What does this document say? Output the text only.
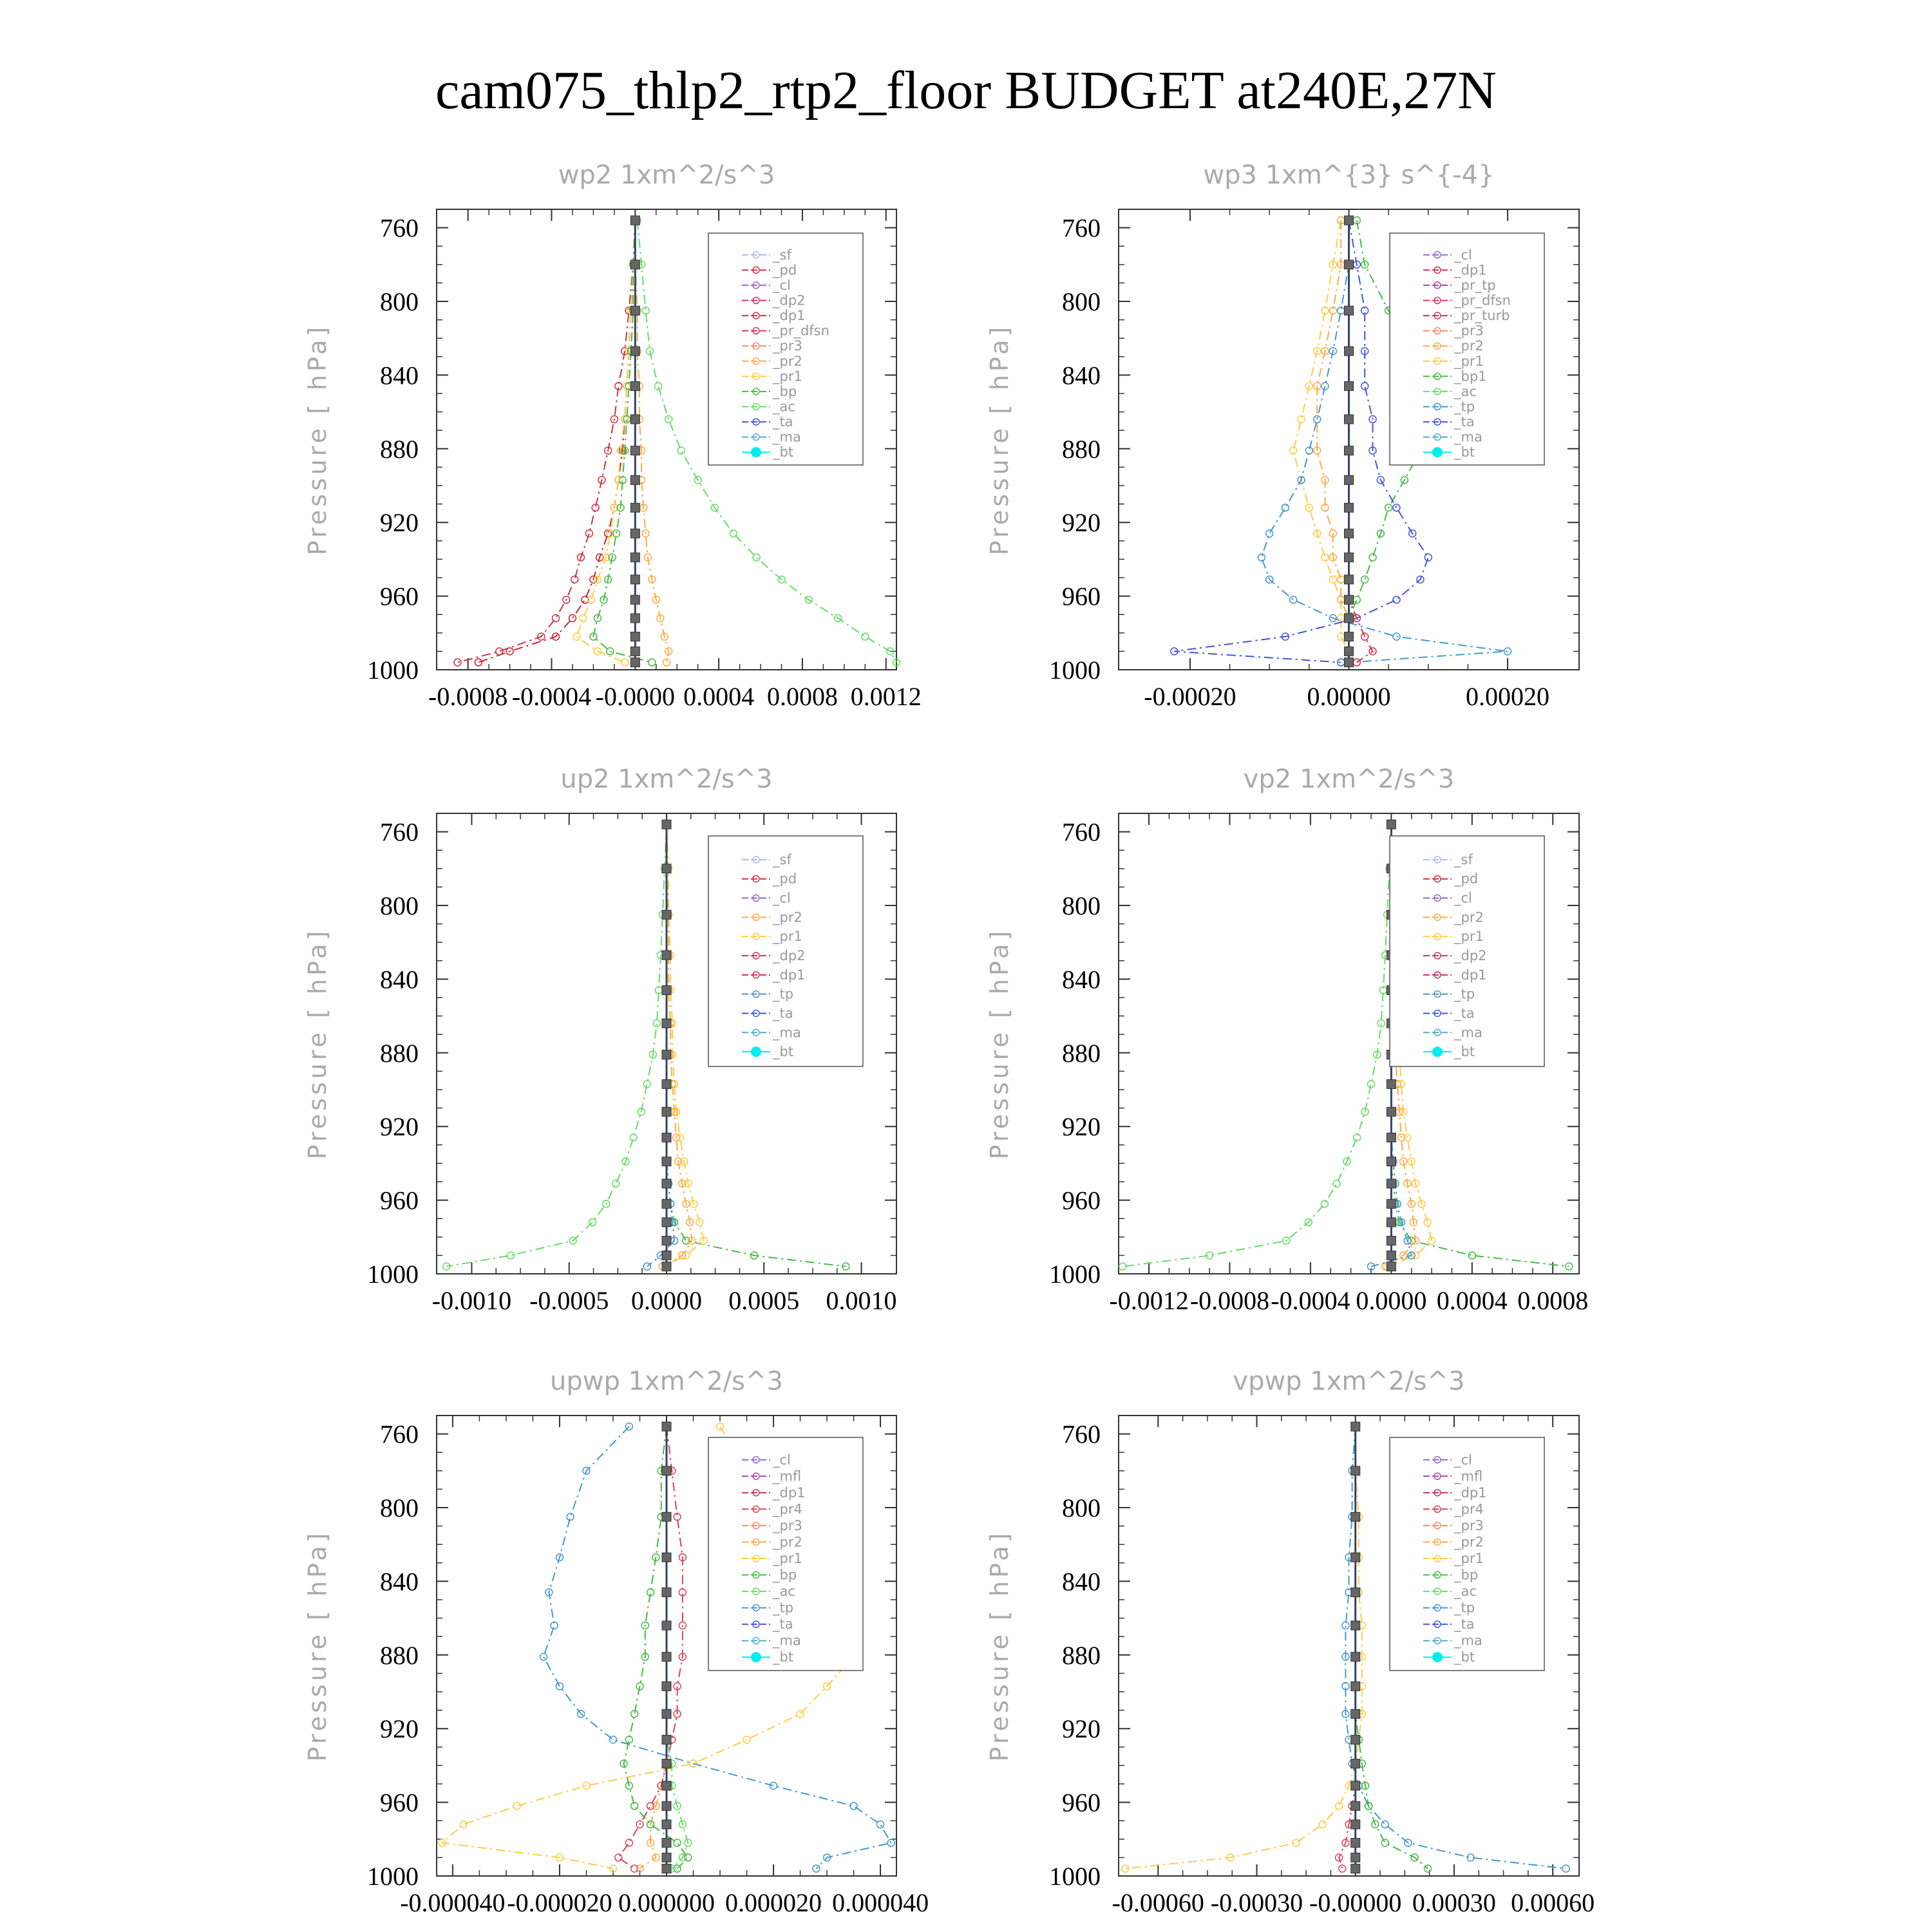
cam075_thlp2_rtp2_floor BUDGET at240E,27N
wp2 1xm^2/s^3
Pressure [ hPa]
760
800
840
880
920
960
1000
-0.0008 -0.0004 -0.0000 0.0004 0.0008 0.0012
_sf
_pd
_cl
_dp2
_dp1
_pr_dfsn
_pr3
_pr2
_pr1
_bp
_ac
_ta
_ma
_bt
wp3 1xm^{3} s^{-4}
Pressure [ hPa]
760
800
840
880
920
960
1000
-0.00020	0.00000	0.00020
_cl
_dp1
_pr_tp
_pr_dfsn
_pr_turb
_pr3
_pr2
_pr1
_bp1
_ac
_tp
_ta
_ma
_bt
up2 1xm^2/s^3
Pressure [ hPa]
760
800
840
880
920
960
1000
-0.0010 -0.0005 0.0000 0.0005 0.0010
_sf
_pd
_cl
_pr2
_pr1
_dp2
_dp1
_tp
_ta
_ma
_bt
vp2 1xm^2/s^3
Pressure [ hPa]
760
800
840
880
920
960
1000
-0.0012 -0.0008 -0.0004 0.0000 0.0004 0.0008
_sf
_pd
_cl
_pr2
_pr1
_dp2
_dp1
_tp
_ta
_ma
_bt
upwp 1xm^2/s^3
Pressure [ hPa]
760
800
840
880
920
960
1000
-0.000040 -0.000020 0.000000 0.000020 0.000040
_cl
_mfl
_dp1
_pr4
_pr3
_pr2
_pr1
_bp
_ac
_tp
_ta
_ma
_bt
vpwp 1xm^2/s^3
Pressure [ hPa]
760
800
840
880
920
960
1000
-0.00060 -0.00030 -0.00000 0.00030 0.00060
_cl
_mfl
_dp1
_pr4
_pr3
_pr2
_pr1
_bp
_ac
_tp
_ta
_ma
_bt
